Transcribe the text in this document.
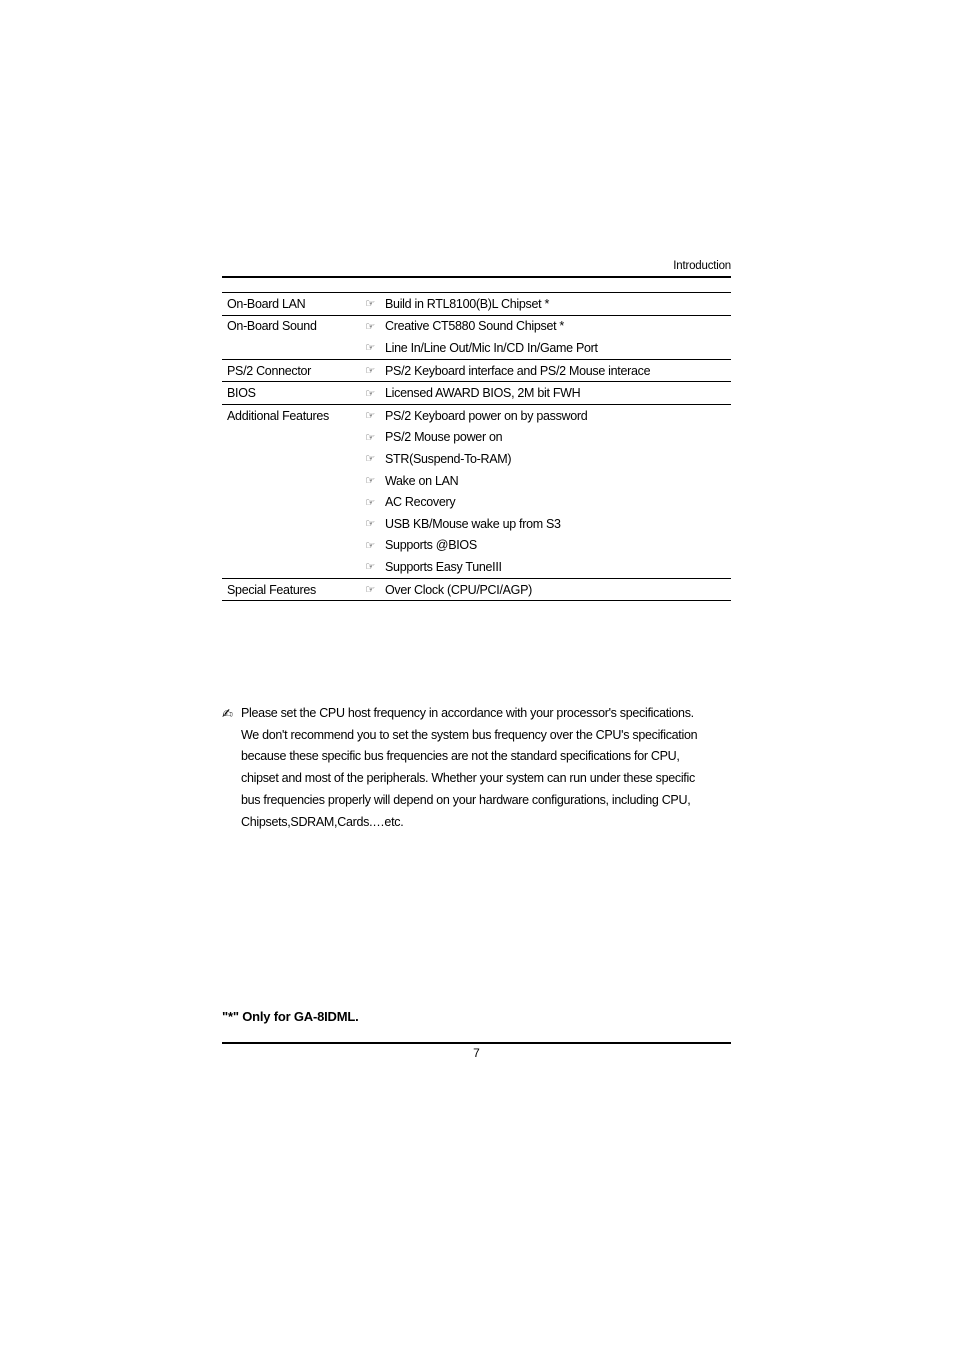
Introduction
On-Board LAN	☞ Build in RTL8100(B)L Chipset *
On-Board Sound	☞ Creative CT5880 Sound Chipset *
☞ Line In/Line Out/Mic In/CD In/Game Port
PS/2 Connector	☞ PS/2 Keyboard interface and PS/2 Mouse interace
BIOS	☞ Licensed AWARD BIOS, 2M bit FWH
Additional Features	☞ PS/2 Keyboard power on by password
☞ PS/2 Mouse power on
☞ STR(Suspend-To-RAM)
☞ Wake on LAN
☞ AC Recovery
☞ USB KB/Mouse wake up from S3
☞ Supports @BIOS
☞ Supports Easy TuneIII
Special Features	☞ Over Clock (CPU/PCI/AGP)
✍ Please set the CPU host frequency in accordance with your processor's specifications.
We don't recommend you to set the system bus frequency over the CPU's specification
because these specific bus frequencies are not the standard specifications for CPU,
chipset and most of the peripherals. Whether your system can run under these specific
bus frequencies properly will depend on your hardware configurations, including CPU,
Chipsets,SDRAM,Cards.…etc.
"*" Only for GA-8IDML.
7
